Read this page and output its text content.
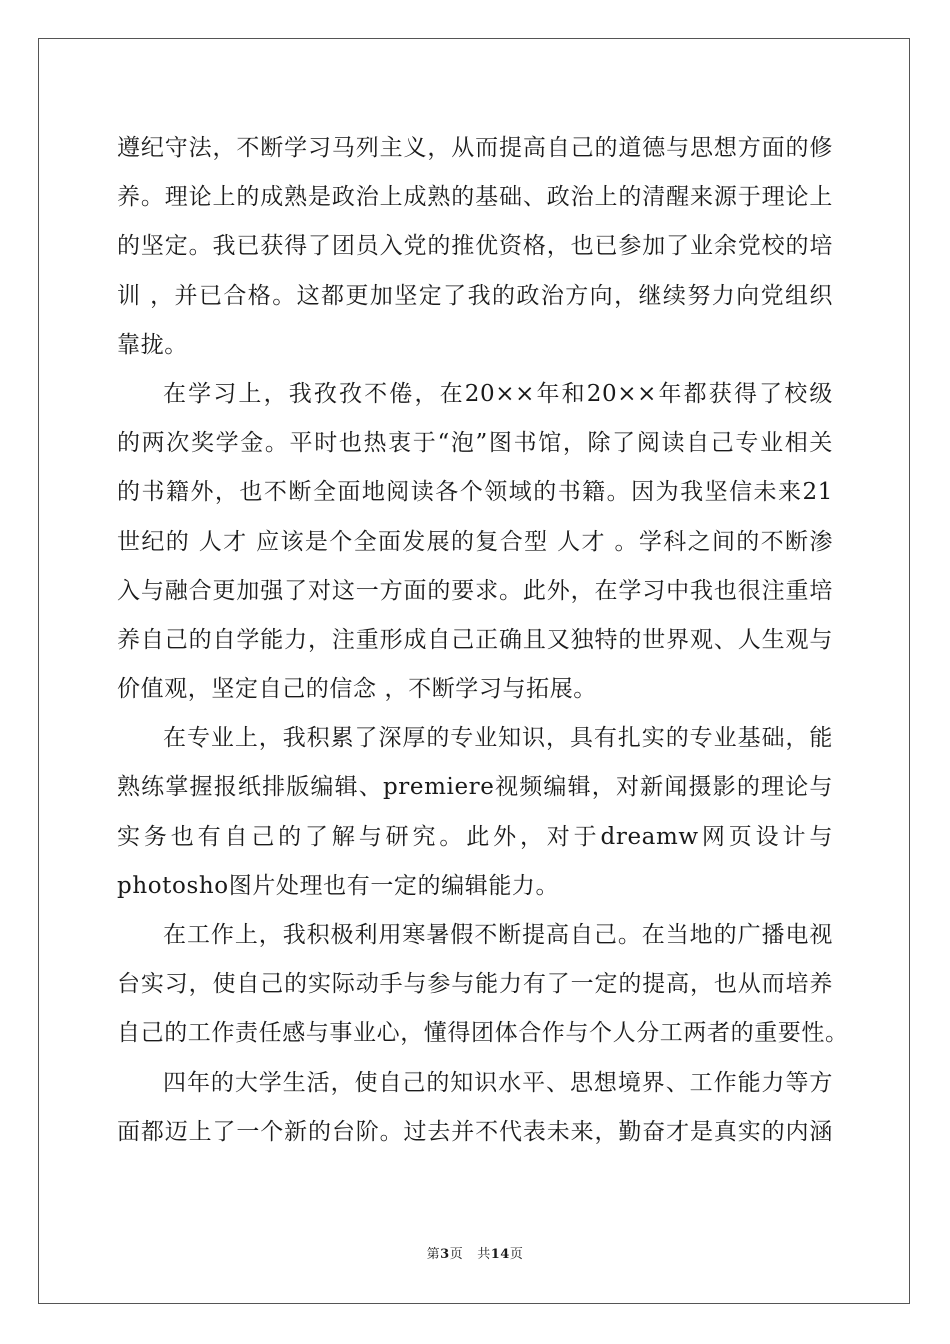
遵纪守法，不断学习马列主义，从而提高自己的道德与思想方面的修
养。理论上的成熟是政治上成熟的基础、政治上的清醒来源于理论上
的坚定。我已获得了团员入党的推优资格，也已参加了业余党校的培
训 ，并已合格。这都更加坚定了我的政治方向，继续努力向党组织
靠拢。
在学习上，我孜孜不倦，在20××年和20××年都获得了校级
的两次奖学金。平时也热衷于“泡”图书馆，除了阅读自己专业相关
的书籍外，也不断全面地阅读各个领域的书籍。因为我坚信未来21
世纪的 人才 应该是个全面发展的复合型 人才 。学科之间的不断渗
入与融合更加强了对这一方面的要求。此外，在学习中我也很注重培
养自己的自学能力，注重形成自己正确且又独特的世界观、人生观与
价值观，坚定自己的信念 ，不断学习与拓展。
在专业上，我积累了深厚的专业知识，具有扎实的专业基础，能
熟练掌握报纸排版编辑、premiere视频编辑，对新闻摄影的理论与
实务也有自己的了解与研究。此外，对于dreamw网页设计与
photosho图片处理也有一定的编辑能力。
在工作上，我积极利用寒暑假不断提高自己。在当地的广播电视
台实习，使自己的实际动手与参与能力有了一定的提高，也从而培养
自己的工作责任感与事业心，懂得团体合作与个人分工两者的重要性。
四年的大学生活，使自己的知识水平、思想境界、工作能力等方
面都迈上了一个新的台阶。过去并不代表未来，勤奋才是真实的内涵
第3页 共14页
